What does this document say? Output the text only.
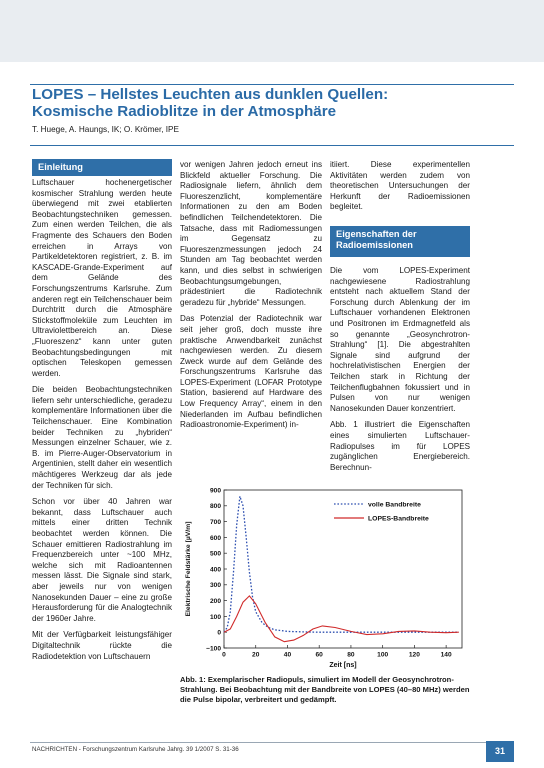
LOPES – Hellstes Leuchten aus dunklen Quellen:
Kosmische Radioblitze in der Atmosphäre
T. Huege, A. Haungs, IK; O. Krömer, IPE
Einleitung

Luftschauer hochenergetischer kosmischer Strahlung werden heute überwiegend mit zwei etablierten Beobachtungstechniken gemessen. Zum einen werden Teilchen, die als Fragmente des Schauers den Boden erreichen in Arrays von Partikeldetektoren registriert, z. B. im KASCADE-Grande-Experiment auf dem Gelände des Forschungszentrums Karlsruhe. Zum anderen regt ein Teilchenschauer beim Durchtritt durch die Atmosphäre Stickstoffmoleküle zum Leuchten im Ultraviolettbereich an. Diese „Fluoreszenz“ kann unter guten Beobachtungsbedingungen mit optischen Teleskopen gemessen werden.

Die beiden Beobachtungstechniken liefern sehr unterschiedliche, geradezu komplementäre Informationen über die Teilchenschauer. Eine Kombination beider Techniken zu „hybriden“ Messungen einzelner Schauer, wie z. B. im Pierre-Auger-Observatorium in Argentinien, stellt daher ein wesentlich mächtigeres Werkzeug dar als jede der Techniken für sich.

Schon vor über 40 Jahren war bekannt, dass Luftschauer auch mittels einer dritten Technik beobachtet werden können. Die Schauer emittieren Radiostrahlung im Frequenzbereich unter ~100 MHz, welche sich mit Radioantennen messen lässt. Die Signale sind stark, aber jeweils nur von wenigen Nanosekunden Dauer – eine zu große Herausforderung für die Analogtechnik der 1960er Jahre.

Mit der Verfügbarkeit leistungsfähiger Digitaltechnik rückte die Radiodetektion von Luftschauern

vor wenigen Jahren jedoch erneut ins Blickfeld aktueller Forschung. Die Radiosignale liefern, ähnlich dem Fluoreszenzlicht, komplementäre Informationen zu den am Boden befindlichen Teilchendetektoren. Die Tatsache, dass mit Radiomessungen im Gegensatz zu Fluoreszenzmessungen jedoch 24 Stunden am Tag beobachtet werden kann, und dies selbst in schwierigen Beobachtungsumgebungen, prädestiniert die Radiotechnik geradezu für „hybride“ Messungen.

Das Potenzial der Radiotechnik war seit jeher groß, doch musste ihre praktische Anwendbarkeit zunächst nachgewiesen werden. Zu diesem Zweck wurde auf dem Gelände des Forschungszentrums Karlsruhe das LOPES-Experiment (LOFAR Prototype Station, basierend auf Hardware des Low Frequency Array“, einem in den Niederlanden im Aufbau befindlichen Radioastronomie-Experiment) in-

itiiert. Diese experimentellen Aktivitäten werden zudem von theoretischen Untersuchungen der Herkunft der Radioemissionen begleitet.

Eigenschaften der
Radioemissionen

Die vom LOPES-Experiment nachgewiesene Radiostrahlung entsteht nach aktuellem Stand der Forschung durch Ablenkung der im Luftschauer vorhandenen Elektronen und Positronen im Erdmagnetfeld als so genannte „Geosynchrotron-Strahlung“ [1]. Die abgestrahlten Signale sind aufgrund der hochrelativistischen Energien der Teilchen stark in Richtung der Teilchenflugbahnen fokussiert und in Pulsen von nur wenigen Nanosekunden Dauer konzentriert.

Abb. 1 illustriert die Eigenschaften eines simulierten Luftschauer-Radiopulses im für LOPES zugänglichen Energiebereich. Berechnun-

−100
0
100
200
300
400
500
600
700
800
900
0	20	40	60	80	100	120	140
Zeit [ns]
Elektrische Feldstärke [µV/m]
volle Bandbreite
LOPES-Bandbreite
Abb. 1: Exemplarischer Radiopuls, simuliert im Modell der Geosynchrotron-Strahlung. Bei Beobachtung mit der Bandbreite von LOPES (40–80 MHz) werden die Pulse bipolar, verbreitert und gedämpft.
NACHRICHTEN - Forschungszentrum Karlsruhe Jahrg. 39 1/2007 S. 31-36	31
